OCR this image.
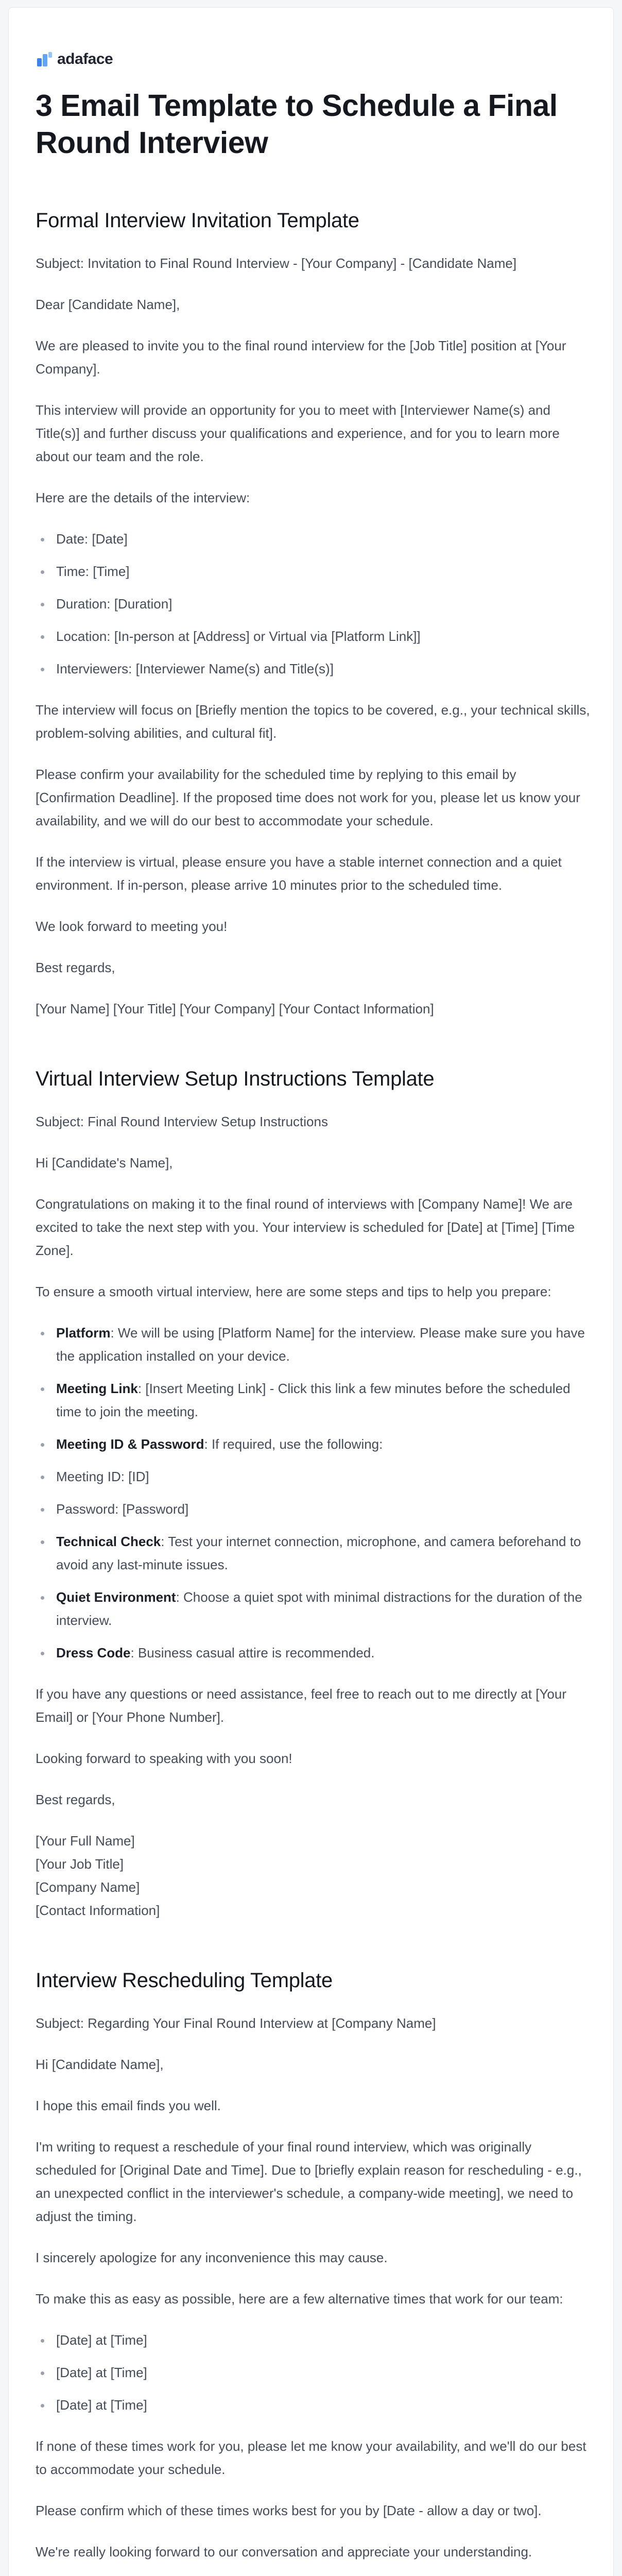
adaface
3 Email Template to Schedule a Final Round Interview
Formal Interview Invitation Template

Subject: Invitation to Final Round Interview - [Your Company] - [Candidate Name]

Dear [Candidate Name],

We are pleased to invite you to the final round interview for the [Job Title] position at [Your Company].

This interview will provide an opportunity for you to meet with [Interviewer Name(s) and Title(s)] and further discuss your qualifications and experience, and for you to learn more about our team and the role.

Here are the details of the interview:

Date: [Date]
Time: [Time]
Duration: [Duration]
Location: [In-person at [Address] or Virtual via [Platform Link]]
Interviewers: [Interviewer Name(s) and Title(s)]

The interview will focus on [Briefly mention the topics to be covered, e.g., your technical skills, problem-solving abilities, and cultural fit].

Please confirm your availability for the scheduled time by replying to this email by [Confirmation Deadline]. If the proposed time does not work for you, please let us know your availability, and we will do our best to accommodate your schedule.

If the interview is virtual, please ensure you have a stable internet connection and a quiet environment. If in-person, please arrive 10 minutes prior to the scheduled time.

We look forward to meeting you!

Best regards,

[Your Name] [Your Title] [Your Company] [Your Contact Information]

Virtual Interview Setup Instructions Template

Subject: Final Round Interview Setup Instructions

Hi [Candidate's Name],

Congratulations on making it to the final round of interviews with [Company Name]! We are excited to take the next step with you. Your interview is scheduled for [Date] at [Time] [Time Zone].

To ensure a smooth virtual interview, here are some steps and tips to help you prepare:

Platform: We will be using [Platform Name] for the interview. Please make sure you have the application installed on your device.
Meeting Link: [Insert Meeting Link] - Click this link a few minutes before the scheduled time to join the meeting.
Meeting ID & Password: If required, use the following:
Meeting ID: [ID]
Password: [Password]
Technical Check: Test your internet connection, microphone, and camera beforehand to avoid any last-minute issues.
Quiet Environment: Choose a quiet spot with minimal distractions for the duration of the interview.
Dress Code: Business casual attire is recommended.

If you have any questions or need assistance, feel free to reach out to me directly at [Your Email] or [Your Phone Number].

Looking forward to speaking with you soon!

Best regards,

[Your Full Name]

[Your Job Title]

[Company Name]

[Contact Information]

Interview Rescheduling Template

Subject: Regarding Your Final Round Interview at [Company Name]

Hi [Candidate Name],

I hope this email finds you well.

I'm writing to request a reschedule of your final round interview, which was originally scheduled for [Original Date and Time]. Due to [briefly explain reason for rescheduling - e.g., an unexpected conflict in the interviewer's schedule, a company-wide meeting], we need to adjust the timing.

I sincerely apologize for any inconvenience this may cause.

To make this as easy as possible, here are a few alternative times that work for our team:

[Date] at [Time]
[Date] at [Time]
[Date] at [Time]

If none of these times work for you, please let me know your availability, and we'll do our best to accommodate your schedule.

Please confirm which of these times works best for you by [Date - allow a day or two].

We're really looking forward to our conversation and appreciate your understanding.
